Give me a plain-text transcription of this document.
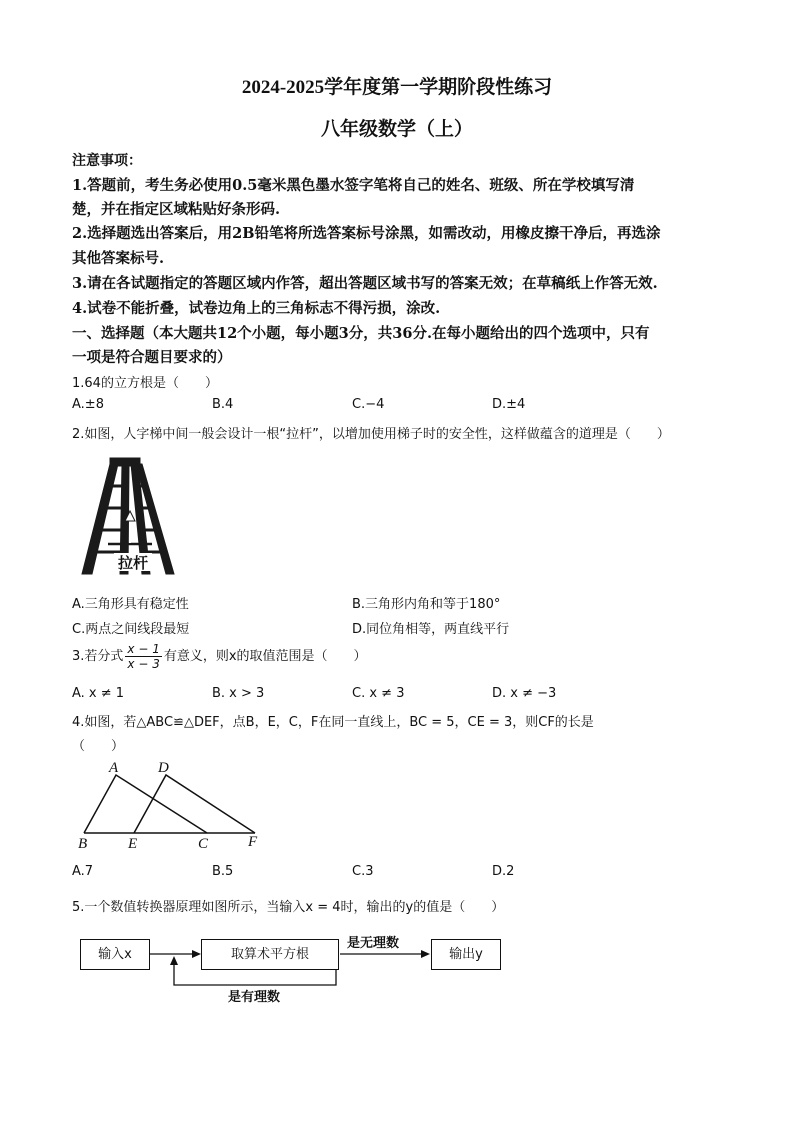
2024-2025学年度第一学期阶段性练习
八年级数学（上）
注意事项：
1.答题前，考生务必使用0.5毫米黑色墨水签字笔将自己的姓名、班级、所在学校填写清
楚，并在指定区域粘贴好条形码.
2.选择题选出答案后，用2B铅笔将所选答案标号涂黑，如需改动，用橡皮擦干净后，再选涂
其他答案标号.
3.请在各试题指定的答题区域内作答，超出答题区域书写的答案无效；在草稿纸上作答无效.
4.试卷不能折叠，试卷边角上的三角标志不得污损，涂改.
一、选择题（本大题共12个小题，每小题3分，共36分.在每小题给出的四个选项中，只有
一项是符合题目要求的）
1.64的立方根是（　　）
A.±8	B.4	C.−4	D.±4
2.如图，人字梯中间一般会设计一根“拉杆”，以增加使用梯子时的安全性，这样做蕴含的道理是（　　）
拉杆
A.三角形具有稳定性	B.三角形内角和等于180°
C.两点之间线段最短	D.同位角相等，两直线平行
3.若分式 $\frac{x - 1}{x - 3}$ 有意义，则x的取值范围是（　　）
A. x ≠ 1	B. x > 3	C. x ≠ 3	D. x ≠ −3
4.如图，若△ABC≌△DEF，点B，E，C，F在同一直线上，BC = 5，CE = 3，则CF的长是
（　　）
A	D
B	E	C	F
A.7	B.5	C.3	D.2
5.一个数值转换器原理如图所示，当输入x = 4时，输出的y的值是（　　）
输入x	取算术平方根	输出y
是无理数
是有理数
